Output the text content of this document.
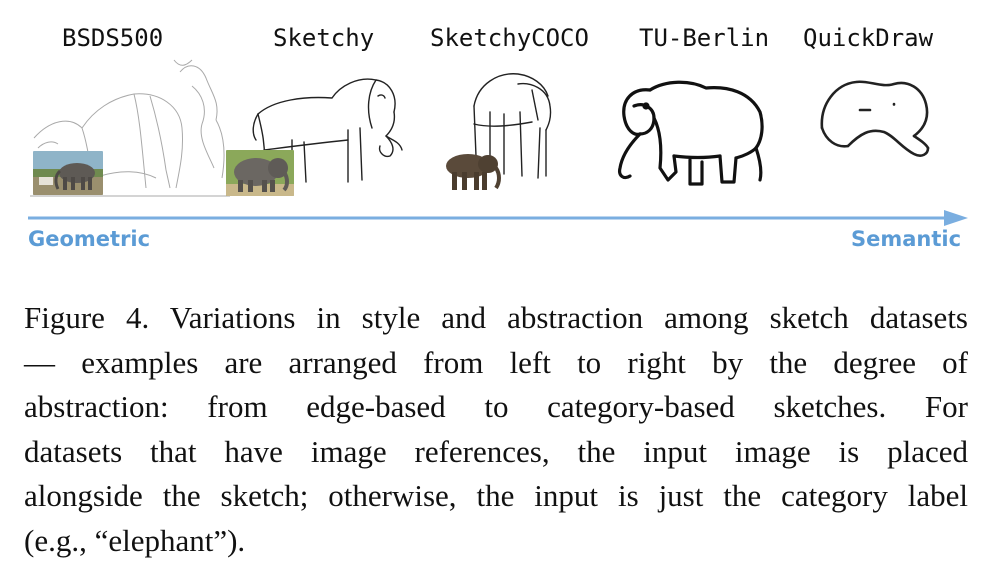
BSDS500	Sketchy SketchyCOCO TU-Berlin QuickDraw
Geometric	Semantic

Figure 4. Variations in style and abstraction among sketch datasets
— examples are arranged from left to right by the degree of
abstraction: from edge-based to category-based sketches. For
datasets that have image references, the input image is placed
alongside the sketch; otherwise, the input is just the category label
(e.g., “elephant”).
